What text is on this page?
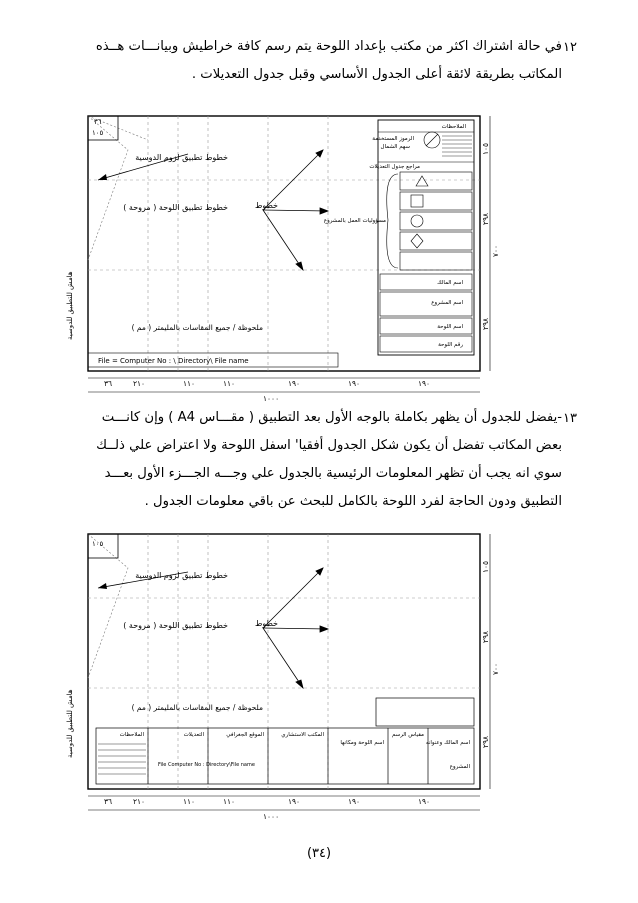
١٢
في حالة اشتراك اكثر من مكتب بإعداد اللوحة يتم رسم كافة خراطيش وبيانـــات هــذه
المكاتب بطريقة لائقة أعلى الجدول الأساسي وقبل جدول التعديلات .
٣٦
١٠٥
هامش للتطبيق للدوسية
خطوط تطبيق لزوم الدوسية
خطوط تطبيق اللوحة ( مروحة )	خطوط
ملحوظة / جميع المقاسات بالمليمتر ( مم )
File = Computer No : \ Directory\ File name
الملاحظات
الرموز المستخدمة
سهم الشمال
مراجع جدول التعديلات
مسؤوليات العمل بالمشروع
اسم المالك
اسم المشروع
اسم اللوحة
رقم اللوحة
١٠٥
٢٩٨
٧٠٠
٢٩٨
٣٦	٢١٠	١١٠	١١٠	١٩٠	١٩٠	١٩٠
١٠٠٠
١٣
-يفضل للجدول أن يظهر بكاملة بالوجه الأول بعد التطبيق ( مقـــاس A4 ) وإن كانـــت
بعض المكاتب تفضل أن يكون شكل الجدول أفقيا' اسفل اللوحة ولا اعتراض علي ذلــك
سوي انه يجب أن تظهر المعلومات الرئيسية بالجدول علي وجـــه الجـــزء الأول بعـــد
التطبيق ودون الحاجة لفرد اللوحة بالكامل للبحث عن باقي معلومات الجدول .
١٠٥
هامش للتطبيق للدوسية
خطوط تطبيق لزوم الدوسية
خطوط تطبيق اللوحة ( مروحة )	خطوط
ملحوظة / جميع المقاسات بالمليمتر ( مم )
الملاحظات	التعديلات	الموقع الجغرافي	المكتب الاستشاري
اسم اللوحة ومكانها
مقياس الرسم
اسم المالك وعنوانه
المشروع
File Computer No : Directory\File name
١٠٥
٢٩٨
٧٠٠
٢٩٨
٣٦	٢١٠	١١٠	١١٠	١٩٠	١٩٠	١٩٠
١٠٠٠
(٣٤)
